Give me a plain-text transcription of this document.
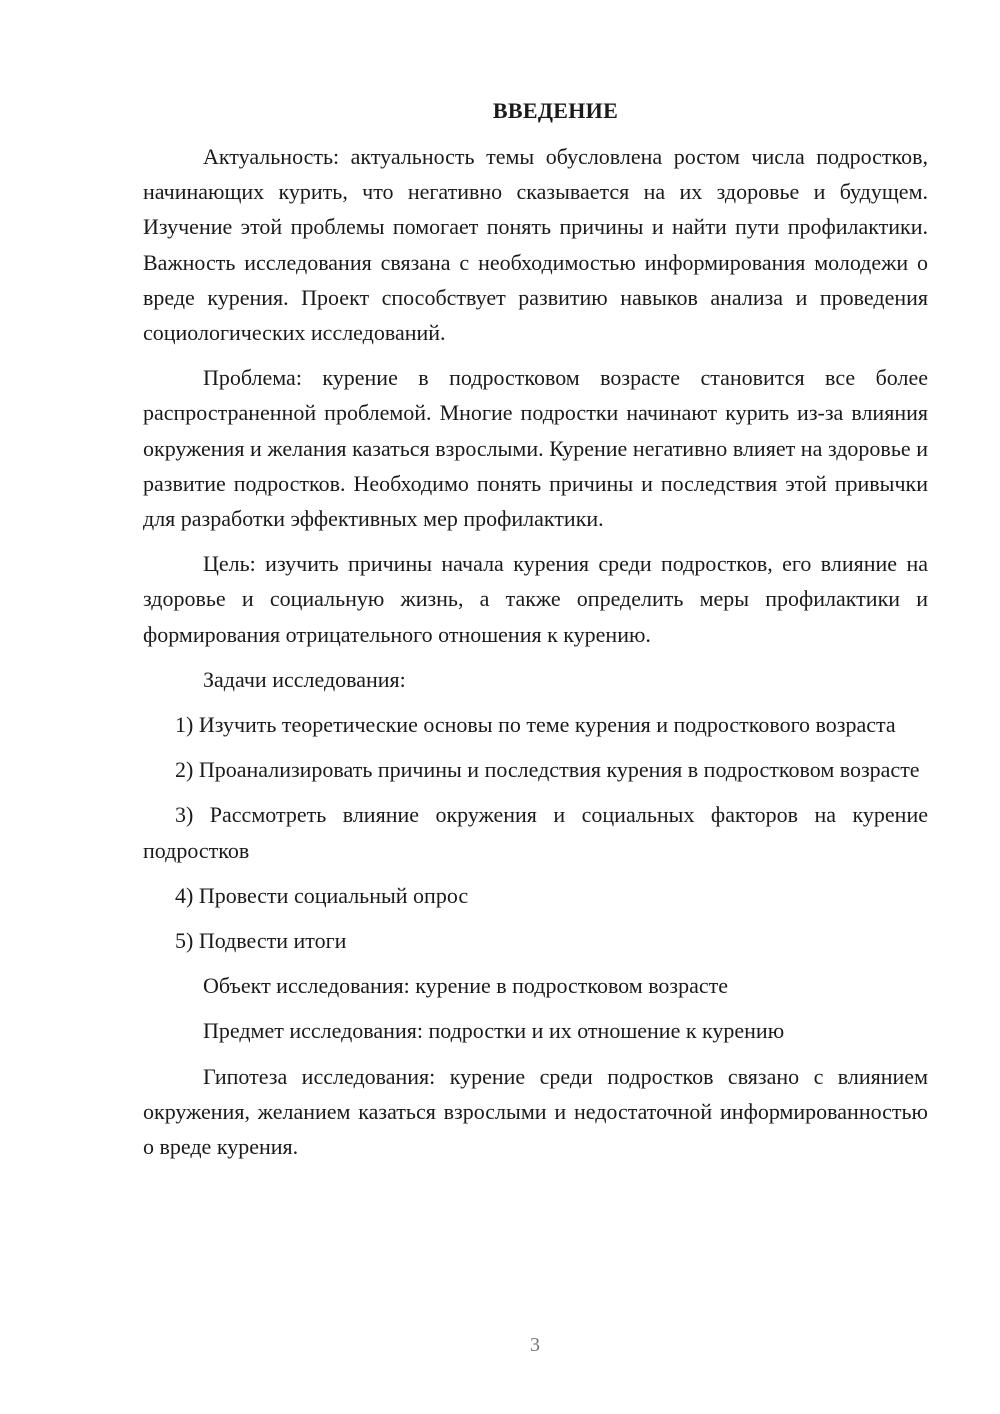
ВВЕДЕНИЕ

Актуальность: актуальность темы обусловлена ростом числа подростков, начинающих курить, что негативно сказывается на их здоровье и будущем. Изучение этой проблемы помогает понять причины и найти пути профилактики. Важность исследования связана с необходимостью информирования молодежи о вреде курения. Проект способствует развитию навыков анализа и проведения социологических исследований.

Проблема: курение в подростковом возрасте становится все более распространенной проблемой. Многие подростки начинают курить из-за влияния окружения и желания казаться взрослыми. Курение негативно влияет на здоровье и развитие подростков. Необходимо понять причины и последствия этой привычки для разработки эффективных мер профилактики.

Цель: изучить причины начала курения среди подростков, его влияние на здоровье и социальную жизнь, а также определить меры профилактики и формирования отрицательного отношения к курению.

Задачи исследования:

1) Изучить теоретические основы по теме курения и подросткового возраста
2) Проанализировать причины и последствия курения в подростковом возрасте
3) Рассмотреть влияние окружения и социальных факторов на курение подростков
4) Провести социальный опрос
5) Подвести итоги

Объект исследования: курение в подростковом возрасте

Предмет исследования: подростки и их отношение к курению

Гипотеза исследования: курение среди подростков связано с влиянием окружения, желанием казаться взрослыми и недостаточной информированностью о вреде курения.

3
